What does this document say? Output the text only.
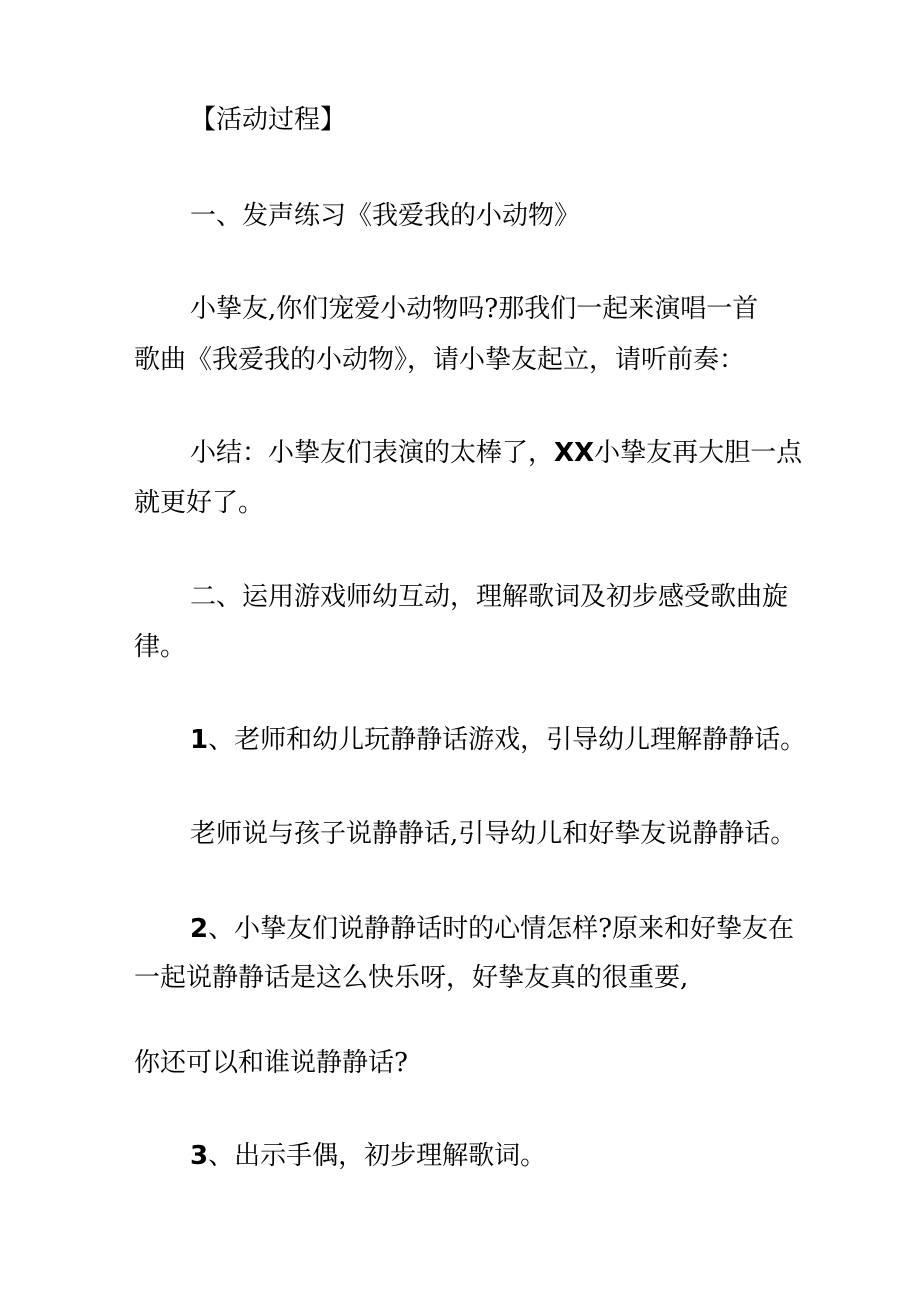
【活动过程】

一、发声练习《我爱我的小动物》

小挚友,你们宠爱小动物吗?那我们一起来演唱一首

歌曲《我爱我的小动物》，请小挚友起立，请听前奏：

小结：小挚友们表演的太棒了，XX小挚友再大胆一点

就更好了。

二、运用游戏师幼互动，理解歌词及初步感受歌曲旋

律。

1、老师和幼儿玩静静话游戏，引导幼儿理解静静话。

老师说与孩子说静静话,引导幼儿和好挚友说静静话。

2、小挚友们说静静话时的心情怎样?原来和好挚友在

一起说静静话是这么快乐呀，好挚友真的很重要,

你还可以和谁说静静话?

3、出示手偶，初步理解歌词。
